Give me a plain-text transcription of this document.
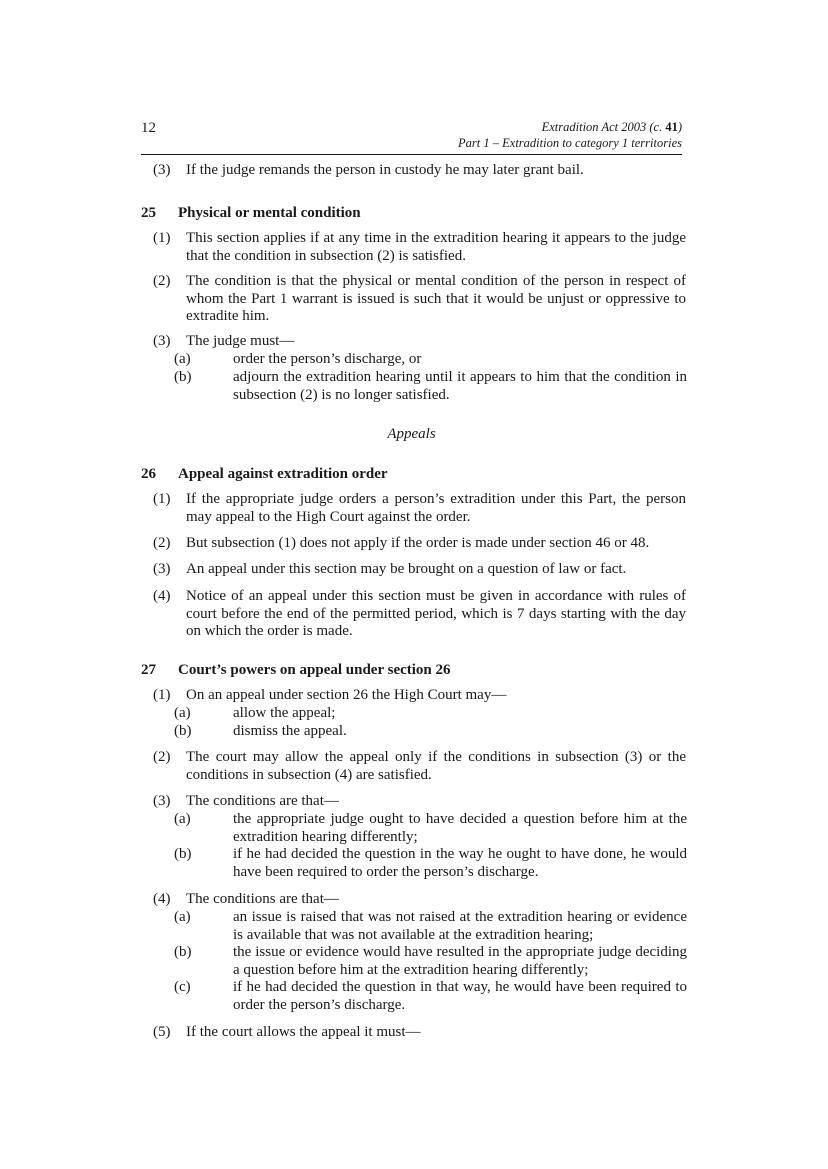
12	Extradition Act 2003 (c. 41)
Part 1 – Extradition to category 1 territories
(3) If the judge remands the person in custody he may later grant bail.
25 Physical or mental condition
(1) This section applies if at any time in the extradition hearing it appears to the judge that the condition in subsection (2) is satisfied.
(2) The condition is that the physical or mental condition of the person in respect of whom the Part 1 warrant is issued is such that it would be unjust or oppressive to extradite him.
(3) The judge must—
(a)	order the person’s discharge, or
(b)	adjourn the extradition hearing until it appears to him that the condition in subsection (2) is no longer satisfied.
Appeals
26 Appeal against extradition order
(1) If the appropriate judge orders a person’s extradition under this Part, the person may appeal to the High Court against the order.
(2) But subsection (1) does not apply if the order is made under section 46 or 48.
(3) An appeal under this section may be brought on a question of law or fact.
(4) Notice of an appeal under this section must be given in accordance with rules of court before the end of the permitted period, which is 7 days starting with the day on which the order is made.
27 Court’s powers on appeal under section 26
(1) On an appeal under section 26 the High Court may—
(a)	allow the appeal;
(b)	dismiss the appeal.
(2) The court may allow the appeal only if the conditions in subsection (3) or the conditions in subsection (4) are satisfied.
(3) The conditions are that—
(a)	the appropriate judge ought to have decided a question before him at the extradition hearing differently;
(b)	if he had decided the question in the way he ought to have done, he would have been required to order the person’s discharge.
(4) The conditions are that—
(a)	an issue is raised that was not raised at the extradition hearing or evidence is available that was not available at the extradition hearing;
(b)	the issue or evidence would have resulted in the appropriate judge deciding a question before him at the extradition hearing differently;
(c)	if he had decided the question in that way, he would have been required to order the person’s discharge.
(5) If the court allows the appeal it must—
